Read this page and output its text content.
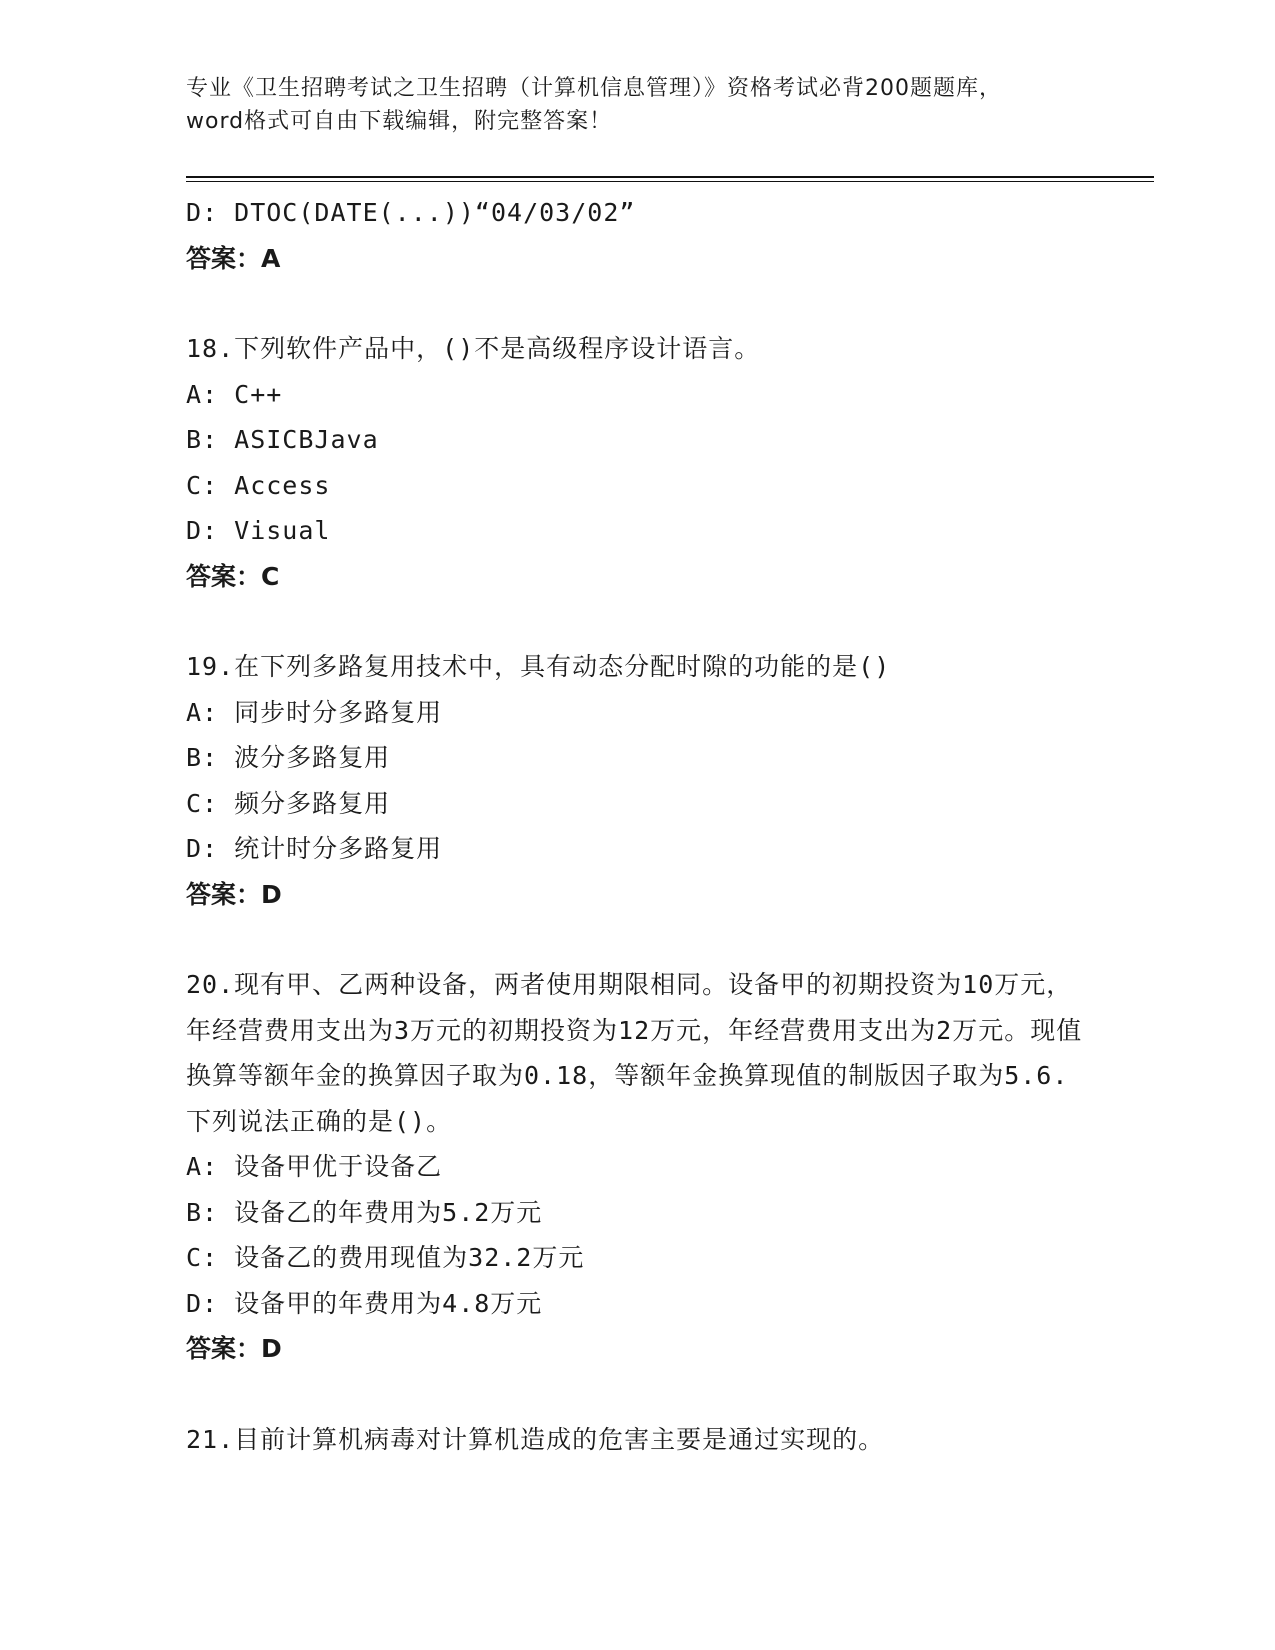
专业《卫生招聘考试之卫生招聘（计算机信息管理）》资格考试必背200题题库，
word格式可自由下载编辑，附完整答案！
D: DTOC(DATE(...))“04/03/02”
答案：A
18.下列软件产品中，()不是高级程序设计语言。
A: C++
B: ASICBJava
C: Access
D: Visual
答案：C
19.在下列多路复用技术中，具有动态分配时隙的功能的是()
A: 同步时分多路复用
B: 波分多路复用
C: 频分多路复用
D: 统计时分多路复用
答案：D
20.现有甲、乙两种设备，两者使用期限相同。设备甲的初期投资为10万元，年经营费用支出为3万元的初期投资为12万元，年经营费用支出为2万元。现值换算等额年金的换算因子取为0.18，等额年金换算现值的制版因子取为5.6.下列说法正确的是()。
A: 设备甲优于设备乙
B: 设备乙的年费用为5.2万元
C: 设备乙的费用现值为32.2万元
D: 设备甲的年费用为4.8万元
答案：D
21.目前计算机病毒对计算机造成的危害主要是通过实现的。
